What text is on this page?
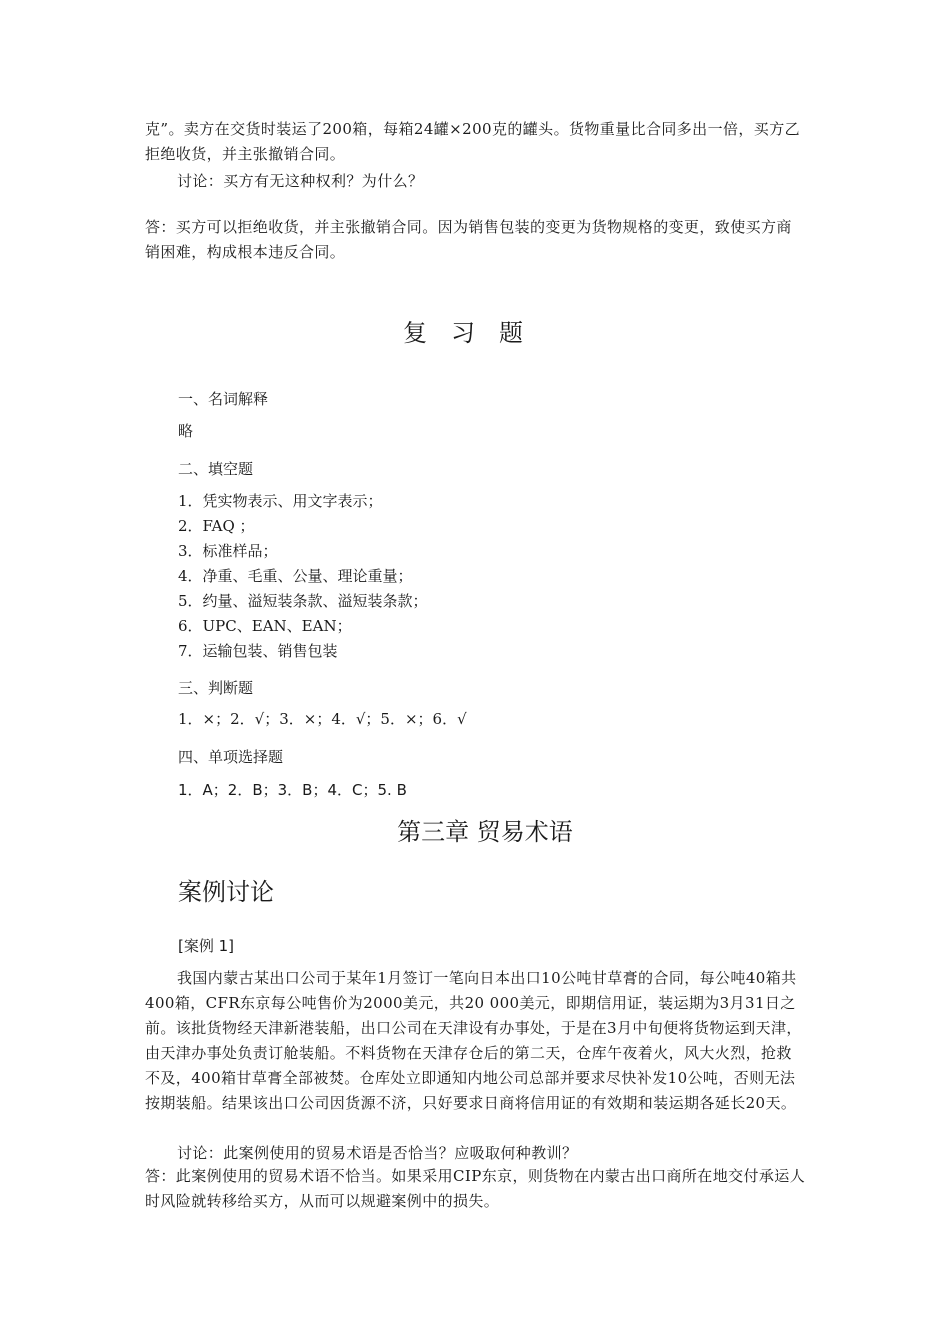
克”。卖方在交货时装运了200箱，每箱24罐×200克的罐头。货物重量比合同多出一倍，买方乙拒绝收货，并主张撤销合同。

讨论：买方有无这种权利？为什么？

答：买方可以拒绝收货，并主张撤销合同。因为销售包装的变更为货物规格的变更，致使买方商销困难，构成根本违反合同。

复习题
一、名词解释
略
二、填空题
1．凭实物表示、用文字表示；
2．FAQ ；
3．标准样品；
4．净重、毛重、公量、理论重量；
5．约量、溢短装条款、溢短装条款；
6．UPC、EAN、EAN；
7．运输包装、销售包装
三、判断题
1．×；2．√；3．×；4．√；5．×；6．√
四、单项选择题
1．A；2．B；3．B；4．C；5. B
第三章 贸易术语
案例讨论
[案例 1]

我国内蒙古某出口公司于某年1月签订一笔向日本出口10公吨甘草膏的合同，每公吨40箱共400箱，CFR东京每公吨售价为2000美元，共20 000美元，即期信用证，装运期为3月31日之前。该批货物经天津新港装船，出口公司在天津设有办事处，于是在3月中旬便将货物运到天津，由天津办事处负责订舱装船。不料货物在天津存仓后的第二天，仓库午夜着火，风大火烈，抢救不及，400箱甘草膏全部被焚。仓库处立即通知内地公司总部并要求尽快补发10公吨，否则无法按期装船。结果该出口公司因货源不济，只好要求日商将信用证的有效期和装运期各延长20天。

讨论：此案例使用的贸易术语是否恰当？应吸取何种教训？

答：此案例使用的贸易术语不恰当。如果采用CIP东京，则货物在内蒙古出口商所在地交付承运人时风险就转移给买方，从而可以规避案例中的损失。
